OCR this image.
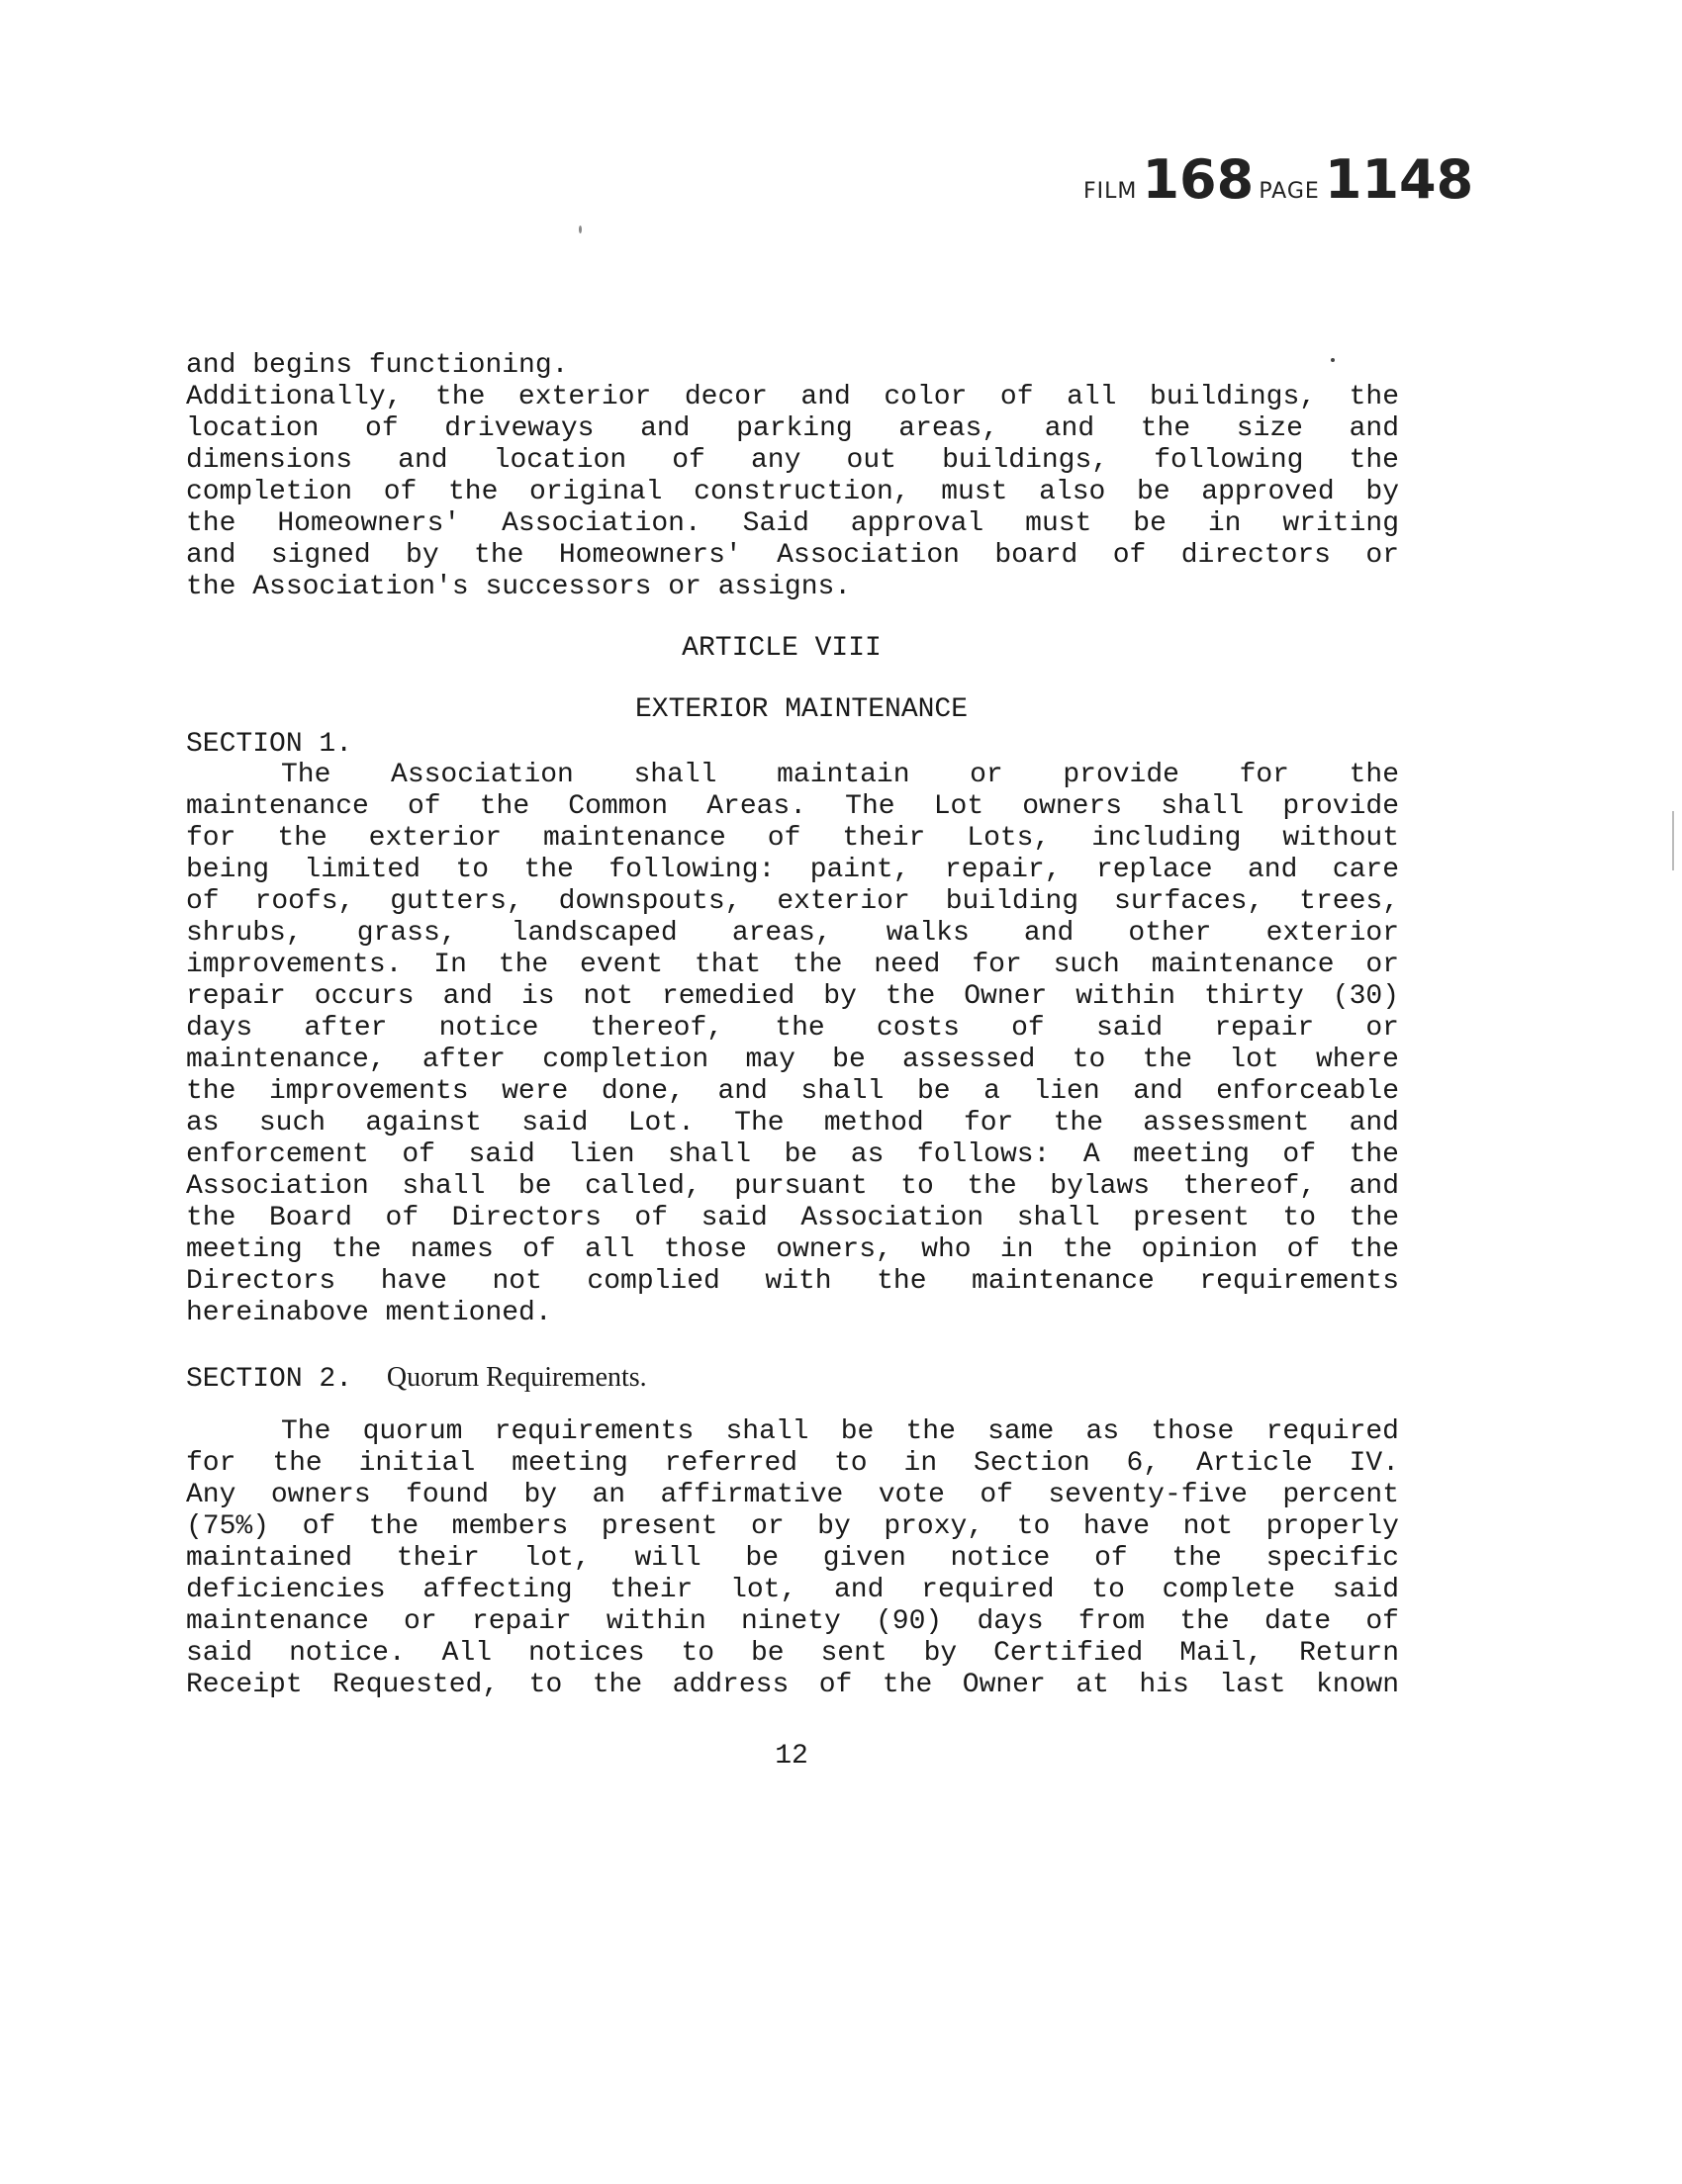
FILM 168 PAGE 1148
and begins functioning.
Additionally, the exterior decor and color of all buildings, the
location of driveways and parking areas, and the size and
dimensions and location of any out buildings, following the
completion of the original construction, must also be approved by
the Homeowners' Association. Said approval must be in writing
and signed by the Homeowners' Association board of directors or
the Association's successors or assigns.
ARTICLE VIII
EXTERIOR MAINTENANCE
SECTION 1.
The Association shall maintain or provide for the
maintenance of the Common Areas. The Lot owners shall provide
for the exterior maintenance of their Lots, including without
being limited to the following: paint, repair, replace and care
of roofs, gutters, downspouts, exterior building surfaces, trees,
shrubs, grass, landscaped areas, walks and other exterior
improvements. In the event that the need for such maintenance or
repair occurs and is not remedied by the Owner within thirty (30)
days after notice thereof, the costs of said repair or
maintenance, after completion may be assessed to the lot where
the improvements were done, and shall be a lien and enforceable
as such against said Lot. The method for the assessment and
enforcement of said lien shall be as follows: A meeting of the
Association shall be called, pursuant to the bylaws thereof, and
the Board of Directors of said Association shall present to the
meeting the names of all those owners, who in the opinion of the
Directors have not complied with the maintenance requirements
hereinabove mentioned.
SECTION 2. Quorum Requirements.
The quorum requirements shall be the same as those required
for the initial meeting referred to in Section 6, Article IV.
Any owners found by an affirmative vote of seventy-five percent
(75%) of the members present or by proxy, to have not properly
maintained their lot, will be given notice of the specific
deficiencies affecting their lot, and required to complete said
maintenance or repair within ninety (90) days from the date of
said notice. All notices to be sent by Certified Mail, Return
Receipt Requested, to the address of the Owner at his last known
12
